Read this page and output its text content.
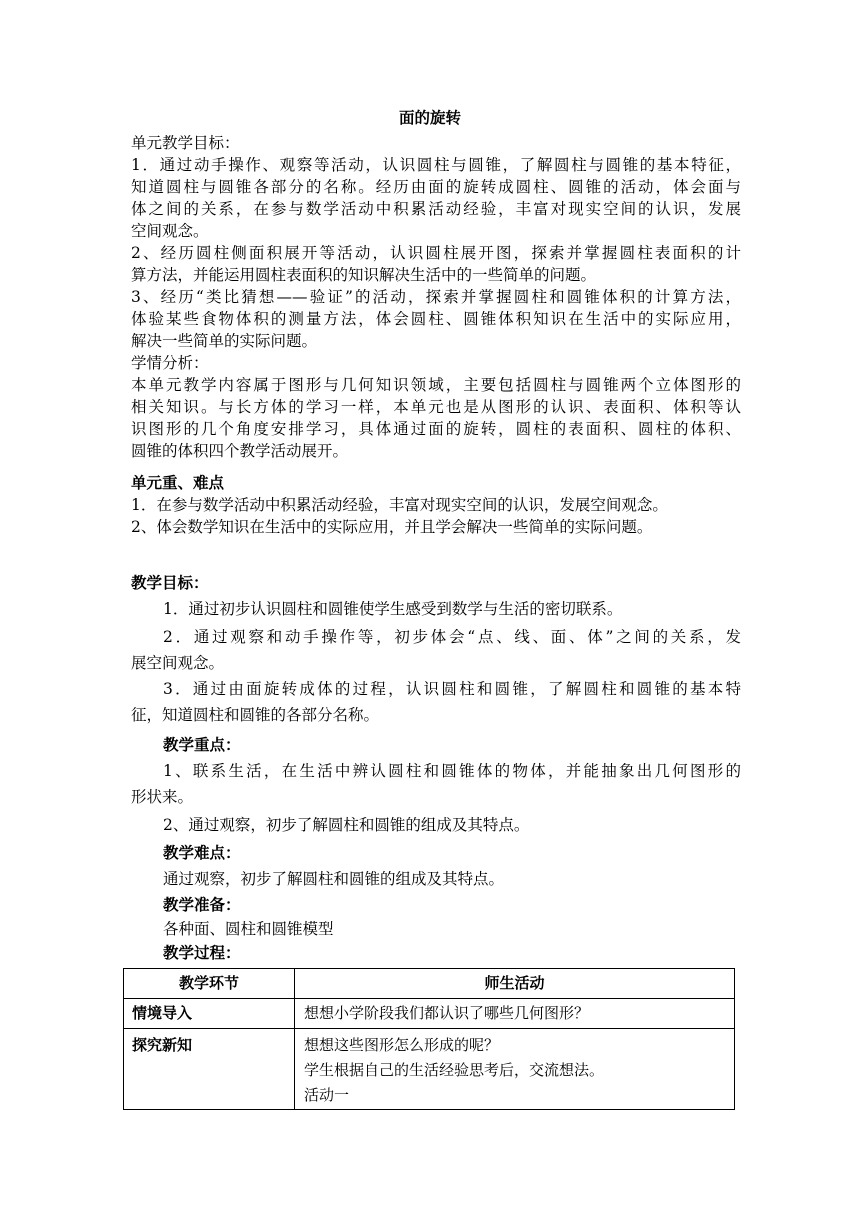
面的旋转
单元教学目标：
1．通过动手操作、观察等活动，认识圆柱与圆锥，了解圆柱与圆锥的基本特征，
知道圆柱与圆锥各部分的名称。经历由面的旋转成圆柱、圆锥的活动，体会面与
体之间的关系，在参与数学活动中积累活动经验，丰富对现实空间的认识，发展
空间观念。
2、经历圆柱侧面积展开等活动，认识圆柱展开图，探索并掌握圆柱表面积的计
算方法，并能运用圆柱表面积的知识解决生活中的一些简单的问题。
3、经历“类比猜想——验证”的活动，探索并掌握圆柱和圆锥体积的计算方法，
体验某些食物体积的测量方法，体会圆柱、圆锥体积知识在生活中的实际应用，
解决一些简单的实际问题。
学情分析：
本单元教学内容属于图形与几何知识领域，主要包括圆柱与圆锥两个立体图形的
相关知识。与长方体的学习一样，本单元也是从图形的认识、表面积、体积等认
识图形的几个角度安排学习，具体通过面的旋转，圆柱的表面积、圆柱的体积、
圆锥的体积四个教学活动展开。
单元重、难点
1．在参与数学活动中积累活动经验，丰富对现实空间的认识，发展空间观念。
2、体会数学知识在生活中的实际应用，并且学会解决一些简单的实际问题。
教学目标：
1．通过初步认识圆柱和圆锥使学生感受到数学与生活的密切联系。
2．通过观察和动手操作等，初步体会“点、线、面、体”之间的关系，发
展空间观念。
3．通过由面旋转成体的过程，认识圆柱和圆锥，了解圆柱和圆锥的基本特
征，知道圆柱和圆锥的各部分名称。
教学重点：
1、联系生活，在生活中辨认圆柱和圆锥体的物体，并能抽象出几何图形的
形状来。
2、通过观察，初步了解圆柱和圆锥的组成及其特点。
教学难点：
通过观察，初步了解圆柱和圆锥的组成及其特点。
教学准备：
各种面、圆柱和圆锥模型
教学过程：
教学环节	师生活动
情境导入	想想小学阶段我们都认识了哪些几何图形？
探究新知	想想这些图形怎么形成的呢？
学生根据自己的生活经验思考后，交流想法。
活动一
